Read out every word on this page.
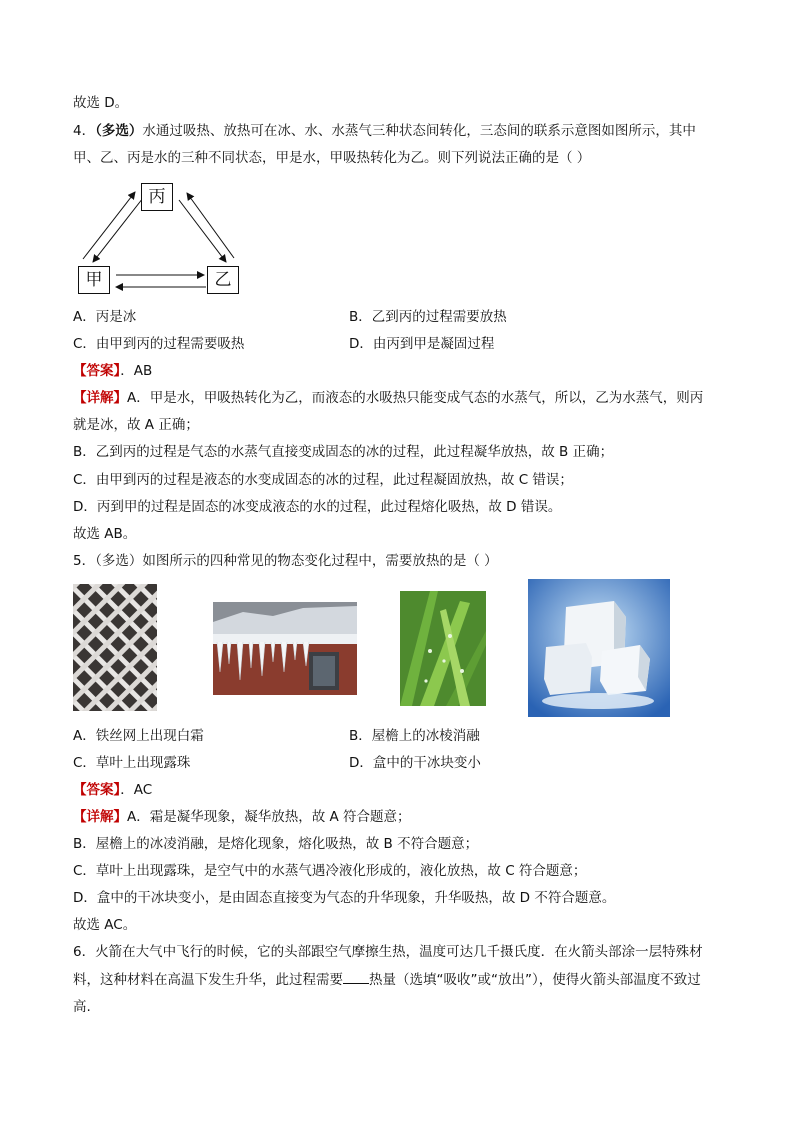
故选 D。
4．（多选）水通过吸热、放热可在冰、水、水蒸气三种状态间转化，三态间的联系示意图如图所示，其中
甲、乙、丙是水的三种不同状态，甲是水，甲吸热转化为乙。则下列说法正确的是（ ）
丙
甲	乙
A．丙是冰	B．乙到丙的过程需要放热
C．由甲到丙的过程需要吸热	D．由丙到甲是凝固过程
【答案】．AB
【详解】A．甲是水，甲吸热转化为乙，而液态的水吸热只能变成气态的水蒸气，所以，乙为水蒸气，则丙
就是冰，故 A 正确；
B．乙到丙的过程是气态的水蒸气直接变成固态的冰的过程，此过程凝华放热，故 B 正确；
C．由甲到丙的过程是液态的水变成固态的冰的过程，此过程凝固放热，故 C 错误；
D．丙到甲的过程是固态的冰变成液态的水的过程，此过程熔化吸热，故 D 错误。
故选 AB。
5．（多选）如图所示的四种常见的物态变化过程中，需要放热的是（ ）
A．铁丝网上出现白霜	B．屋檐上的冰棱消融
C．草叶上出现露珠	D．盒中的干冰块变小
【答案】．AC
【详解】A．霜是凝华现象，凝华放热，故 A 符合题意；
B．屋檐上的冰凌消融，是熔化现象，熔化吸热，故 B 不符合题意；
C．草叶上出现露珠，是空气中的水蒸气遇冷液化形成的，液化放热，故 C 符合题意；
D．盒中的干冰块变小，是由固态直接变为气态的升华现象，升华吸热，故 D 不符合题意。
故选 AC。
6．火箭在大气中飞行的时候，它的头部跟空气摩擦生热，温度可达几千摄氏度．在火箭头部涂一层特殊材
料，这种材料在高温下发生升华，此过程需要 热量（选填“吸收”或“放出”），使得火箭头部温度不致过
高.
